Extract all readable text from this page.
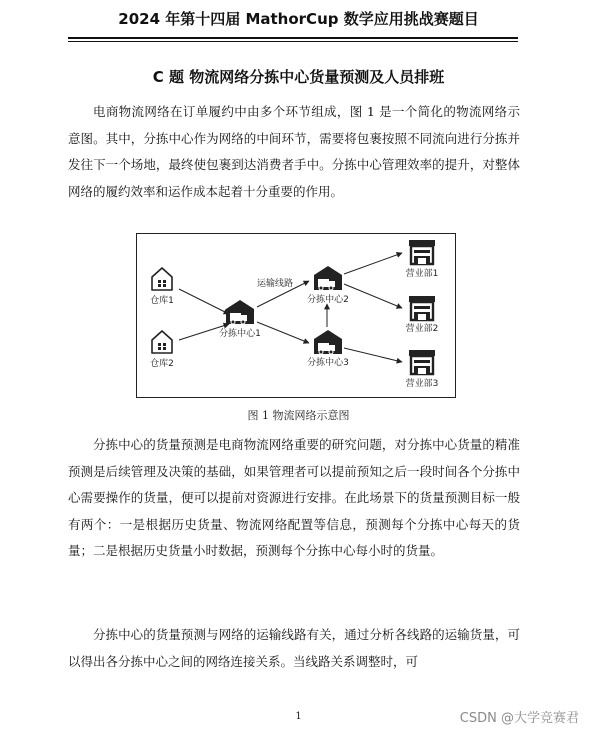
2024 年第十四届 MathorCup 数学应用挑战赛题目
C 题 物流网络分拣中心货量预测及人员排班

电商物流网络在订单履约中由多个环节组成，图 1 是一个简化的物流网络示意图。其中，分拣中心作为网络的中间环节，需要将包裹按照不同流向进行分拣并发往下一个场地，最终使包裹到达消费者手中。分拣中心管理效率的提升，对整体网络的履约效率和运作成本起着十分重要的作用。

仓库1
仓库2
分拣中心1
分拣中心2
分拣中心3
运输线路
营业部1
营业部2
营业部3
图 1 物流网络示意图

分拣中心的货量预测是电商物流网络重要的研究问题，对分拣中心货量的精准预测是后续管理及决策的基础，如果管理者可以提前预知之后一段时间各个分拣中心需要操作的货量，便可以提前对资源进行安排。在此场景下的货量预测目标一般有两个：一是根据历史货量、物流网络配置等信息，预测每个分拣中心每天的货量；二是根据历史货量小时数据，预测每个分拣中心每小时的货量。

分拣中心的货量预测与网络的运输线路有关，通过分析各线路的运输货量，可以得出各分拣中心之间的网络连接关系。当线路关系调整时，可

1	CSDN @大学竞赛君
